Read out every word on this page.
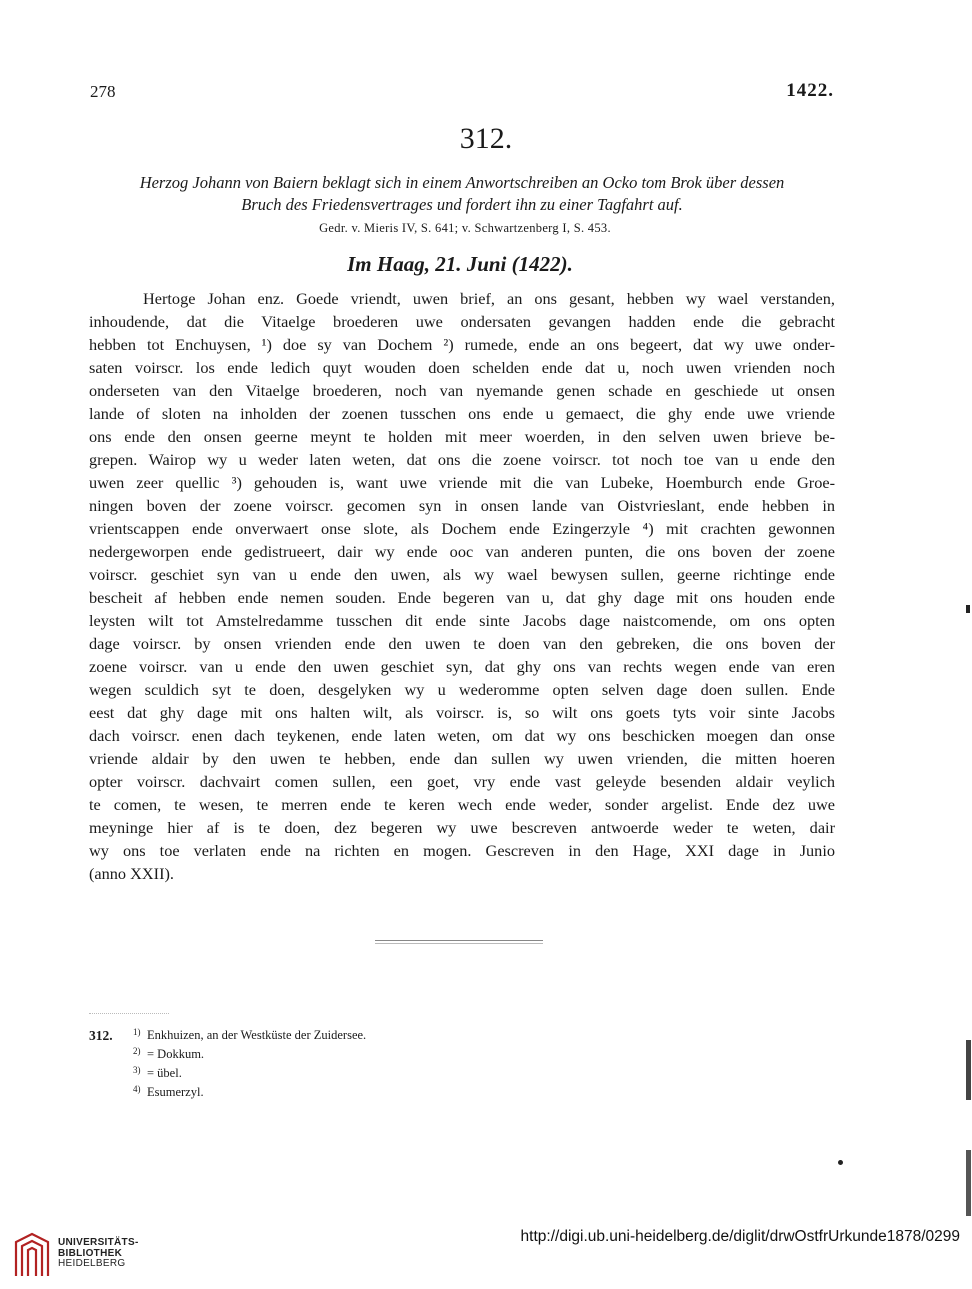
278	1422.
312.
Herzog Johann von Baiern beklagt sich in einem Anwortschreiben an Ocko tom Brok über dessen
Bruch des Friedensvertrages und fordert ihn zu einer Tagfahrt auf.
Gedr. v. Mieris IV, S. 641; v. Schwartzenberg I, S. 453.
Im Haag, 21. Juni (1422).
Hertoge Johan enz. Goede vriendt, uwen brief, an ons gesant, hebben wy wael verstanden,
inhoudende, dat die Vitaelge broederen uwe ondersaten gevangen hadden ende die gebracht
hebben tot Enchuysen, ¹) doe sy van Dochem ²) rumede, ende an ons begeert, dat wy uwe onder-
saten voirscr. los ende ledich quyt wouden doen schelden ende dat u, noch uwen vrienden noch
onderseten van den Vitaelge broederen, noch van nyemande genen schade en geschiede ut onsen
lande of sloten na inholden der zoenen tusschen ons ende u gemaect, die ghy ende uwe vriende
ons ende den onsen geerne meynt te holden mit meer woerden, in den selven uwen brieve be-
grepen. Wairop wy u weder laten weten, dat ons die zoene voirscr. tot noch toe van u ende den
uwen zeer quellic ³) gehouden is, want uwe vriende mit die van Lubeke, Hoemburch ende Groe-
ningen boven der zoene voirscr. gecomen syn in onsen lande van Oistvrieslant, ende hebben in
vrientscappen ende onverwaert onse slote, als Dochem ende Ezingerzyle ⁴) mit crachten gewonnen
nedergeworpen ende gedistrueert, dair wy ende ooc van anderen punten, die ons boven der zoene
voirscr. geschiet syn van u ende den uwen, als wy wael bewysen sullen, geerne richtinge ende
bescheit af hebben ende nemen souden. Ende begeren van u, dat ghy dage mit ons houden ende
leysten wilt tot Amstelredamme tusschen dit ende sinte Jacobs dage naistcomende, om ons opten
dage voirscr. by onsen vrienden ende den uwen te doen van den gebreken, die ons boven der
zoene voirscr. van u ende den uwen geschiet syn, dat ghy ons van rechts wegen ende van eren
wegen sculdich syt te doen, desgelyken wy u wederomme opten selven dage doen sullen. Ende
eest dat ghy dage mit ons halten wilt, als voirscr. is, so wilt ons goets tyts voir sinte Jacobs
dach voirscr. enen dach teykenen, ende laten weten, om dat wy ons beschicken moegen dan onse
vriende aldair by den uwen te hebben, ende dan sullen wy uwen vrienden, die mitten hoeren
opter voirscr. dachvairt comen sullen, een goet, vry ende vast geleyde besenden aldair veylich
te comen, te wesen, te merren ende te keren wech ende weder, sonder argelist. Ende dez uwe
meyninge hier af is te doen, dez begeren wy uwe bescreven antwoerde weder te weten, dair
wy ons toe verlaten ende na richten en mogen. Gescreven in den Hage, XXI dage in Junio
(anno XXII).
312. 1) Enkhuizen, an der Westküste der Zuidersee.
2) = Dokkum.
3) = übel.
4) Esumerzyl.
UNIVERSITÄTS-
BIBLIOTHEK
HEIDELBERG
http://digi.ub.uni-heidelberg.de/diglit/drwOstfrUrkunde1878/0299
